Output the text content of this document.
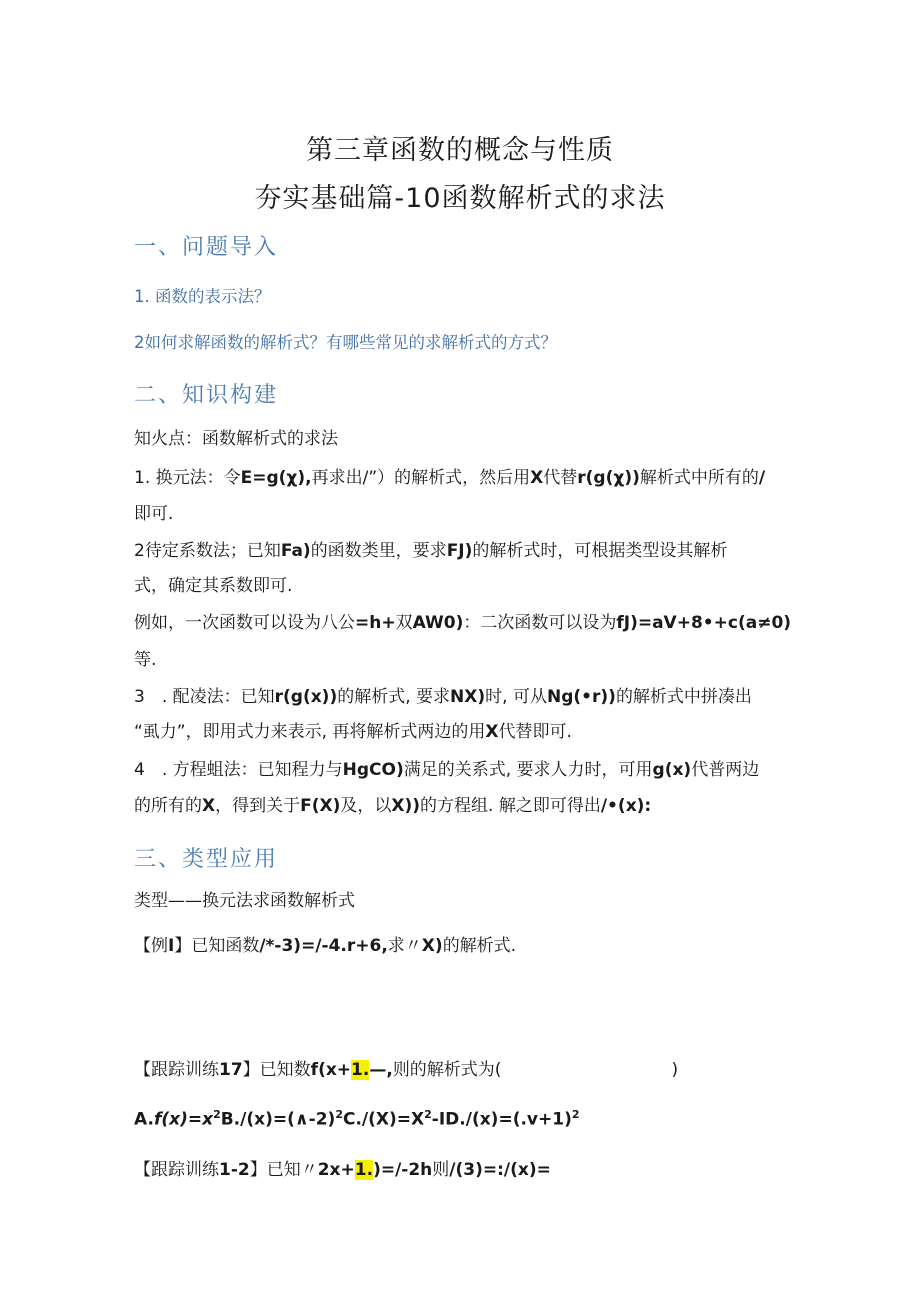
第三章函数的概念与性质
夯实基础篇-10函数解析式的求法
一、问题导入
1. 函数的表示法？
2如何求解函数的解析式？有哪些常见的求解析式的方式？
二、知识构建
知火点：函数解析式的求法
1. 换元法：令E=g(χ),再求出/”）的解析式，然后用X代替r(g(χ))解析式中所有的/
即可.
2待定系数法；已知Fa)的函数类里，要求FJ)的解析式时，可根据类型设其解析
式，确定其系数即可.
例如，一次函数可以设为八公=h+双AW0)：二次函数可以设为fJ)=aV+8•+c(a≠0)
等.
3　. 配凌法：已知r(g(x))的解析式, 要求NX)时, 可从Ng(•r))的解析式中拼凑出
“虱力”，即用式力来表示, 再将解析式两边的用X代替即可.
4　. 方程蛆法：已知程力与HgCO)满足的关系式, 要求人力时，可用g(x)代普两边
的所有的X，得到关于F(X)及，以X))的方程组. 解之即可得出/•(x):
三、类型应用
类型——换元法求函数解析式
【例I】已知函数/*-3)=/-4.r+6,求〃X)的解析式.
【跟踪训练17】已知数f(x+1.—,则的解析式为(	)
$A.f(x)=x^2B./(x)=(\wedge-2)^2C./(X)=X^2-ID./(x)=(.v+1)^2$
【跟踪训练1-2】已知〃2x+1.)=/-2h则/(3)=:/(x)=
